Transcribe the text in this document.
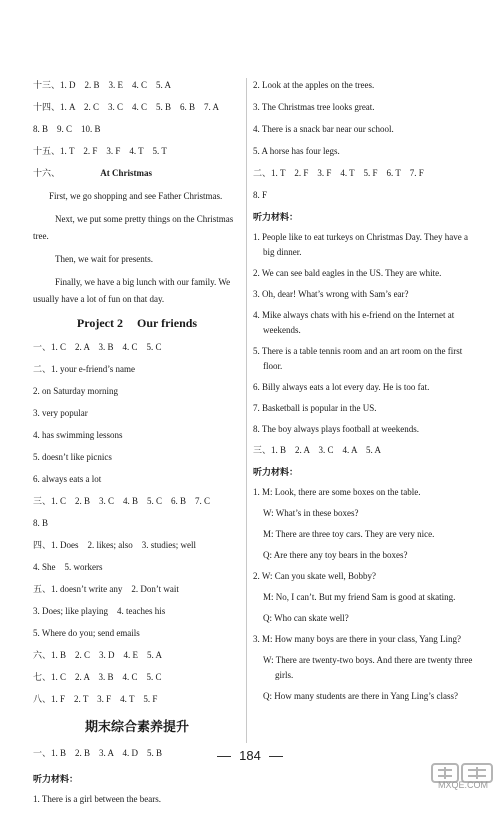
十三、1. D　2. B　3. E　4. C　5. A
十四、1. A　2. C　3. C　4. C　5. B　6. B　7. A
8. B　9. C　10. B
十五、1. T　2. F　3. F　4. T　5. T
十六、	At Christmas

First, we go shopping and see Father Christmas.

Next, we put some pretty things on the Christmas tree.

Then, we wait for presents.

Finally, we have a big lunch with our family. We usually have a lot of fun on that day.

Project 2 Our friends
一、1. C　2. A　3. B　4. C　5. C
二、1. your e-friend’s name
2. on Saturday morning
3. very popular
4. has swimming lessons
5. doesn’t like picnics
6. always eats a lot
三、1. C　2. B　3. C　4. B　5. C　6. B　7. C
8. B
四、1. Does　2. likes; also　3. studies; well
4. She　5. workers
五、1. doesn’t write any　2. Don’t wait
3. Does; like playing　4. teaches his
5. Where do you; send emails
六、1. B　2. C　3. D　4. E　5. A
七、1. C　2. A　3. B　4. C　5. C
八、1. F　2. T　3. F　4. T　5. F
期末综合素养提升
一、1. B　2. B　3. A　4. D　5. B
听力材料：
1. There is a girl between the bears.
2. Look at the apples on the trees.
3. The Christmas tree looks great.
4. There is a snack bar near our school.
5. A horse has four legs.
二、1. T　2. F　3. F　4. T　5. F　6. T　7. F
8. F
听力材料：
1. People like to eat turkeys on Christmas Day. They have a big dinner.
2. We can see bald eagles in the US. They are white.
3. Oh, dear! What’s wrong with Sam’s ear?
4. Mike always chats with his e-friend on the Internet at weekends.
5. There is a table tennis room and an art room on the first floor.
6. Billy always eats a lot every day. He is too fat.
7. Basketball is popular in the US.
8. The boy always plays football at weekends.
三、1. B　2. A　3. C　4. A　5. A
听力材料：
1. M: Look, there are some boxes on the table.
W: What’s in these boxes?
M: There are three toy cars. They are very nice.
Q: Are there any toy bears in the boxes?
2. W: Can you skate well, Bobby?
M: No, I can’t. But my friend Sam is good at skating.
Q: Who can skate well?
3. M: How many boys are there in your class, Yang Ling?
W: There are twenty-two boys. And there are twenty three girls.
Q: How many students are there in Yang Ling’s class?
184
MXQE.COM
